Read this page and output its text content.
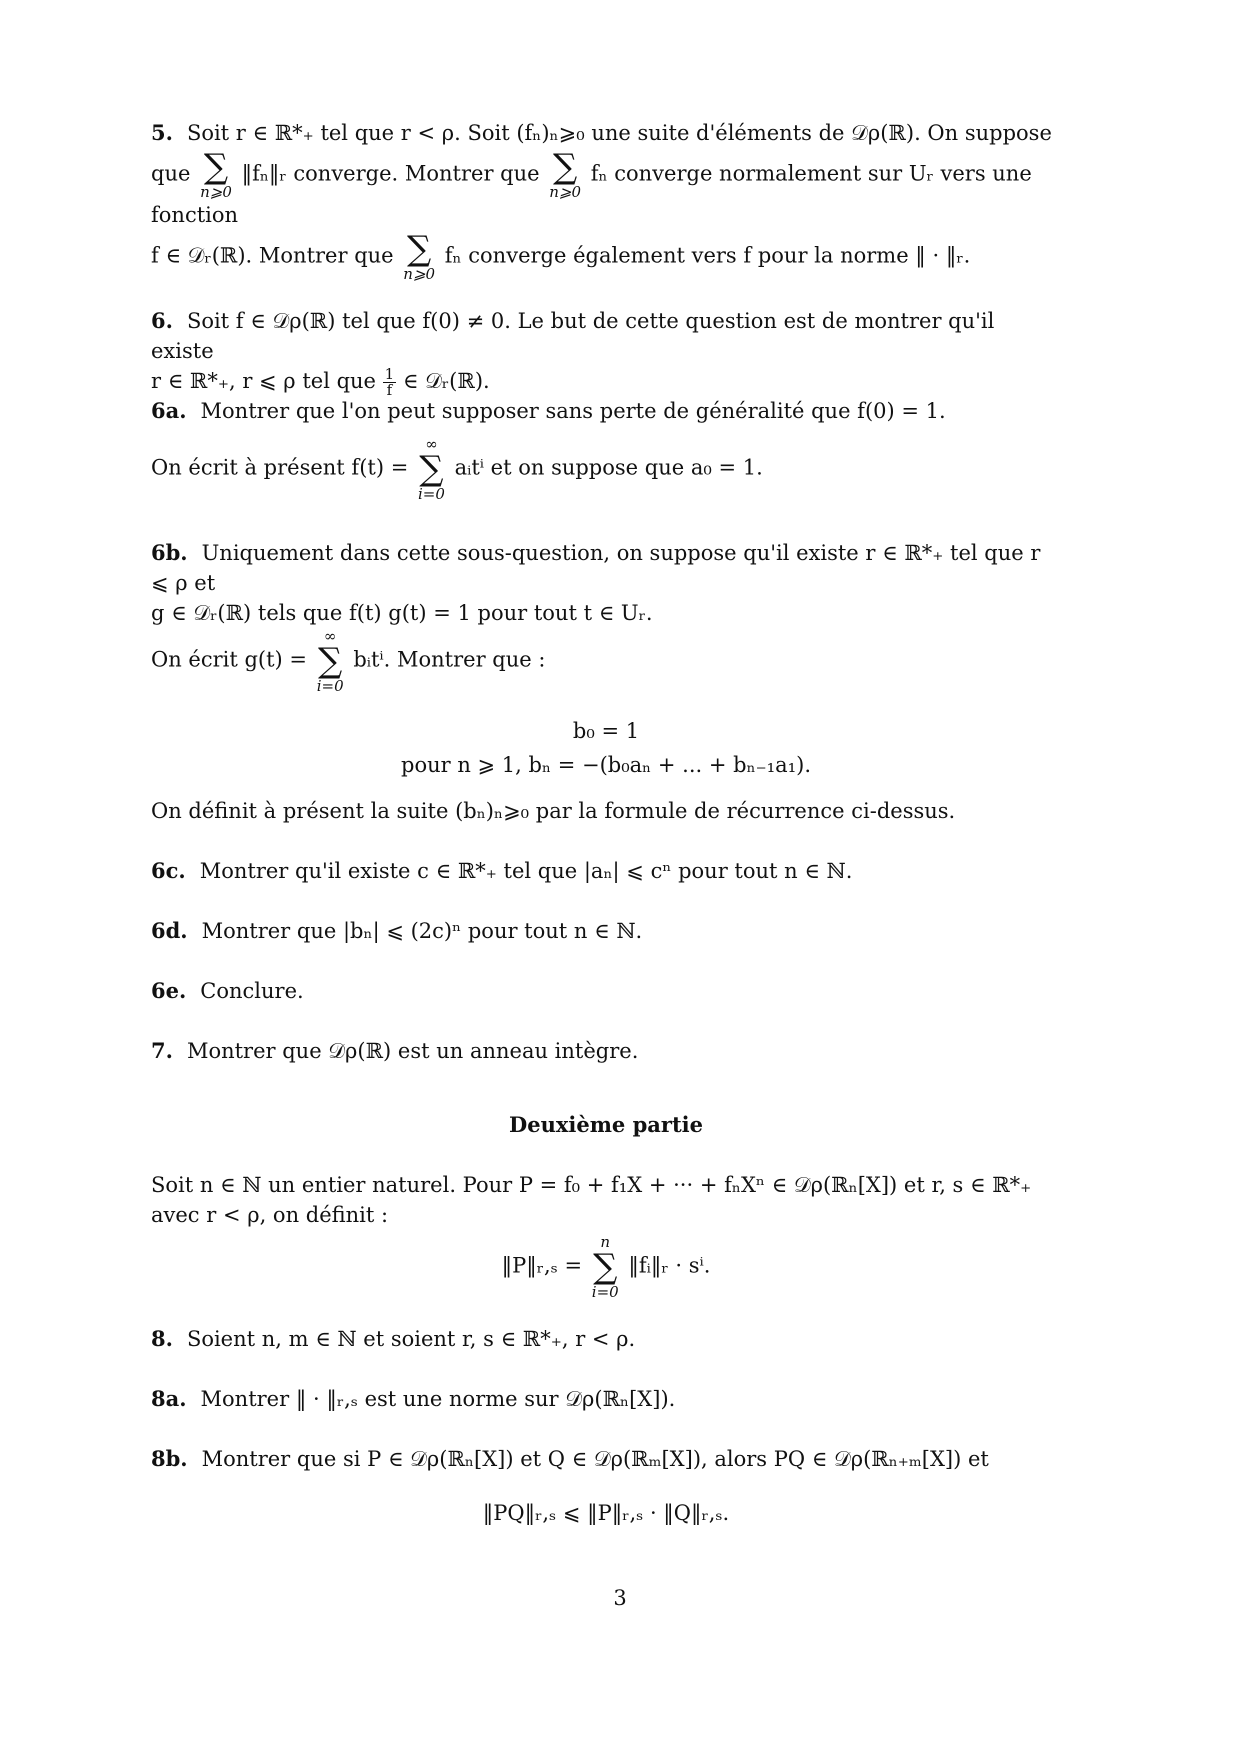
5. Soit r ∈ ℝ*₊ tel que r < ρ. Soit (fₙ)ₙ⩾₀ une suite d'éléments de 𝒟ρ(ℝ). On suppose
que ∑
n⩾0
‖fₙ‖ᵣ converge. Montrer que ∑
n⩾0
fₙ converge normalement sur Uᵣ vers une fonction
f ∈ 𝒟ᵣ(ℝ). Montrer que ∑
n⩾0
fₙ converge également vers f pour la norme ‖ · ‖ᵣ.
6. Soit f ∈ 𝒟ρ(ℝ) tel que f(0) ≠ 0. Le but de cette question est de montrer qu'il existe
r ∈ ℝ*₊, r ⩽ ρ tel que $\frac{1}{f}$ ∈ 𝒟ᵣ(ℝ).
6a. Montrer que l'on peut supposer sans perte de généralité que f(0) = 1.
On écrit à présent f(t) =
∞
∑
i=0
aᵢtⁱ et on suppose que a₀ = 1.
6b. Uniquement dans cette sous-question, on suppose qu'il existe r ∈ ℝ*₊ tel que r ⩽ ρ et
g ∈ 𝒟ᵣ(ℝ) tels que f(t) g(t) = 1 pour tout t ∈ Uᵣ.
On écrit g(t) =
∞
∑
i=0
bᵢtⁱ. Montrer que :
b₀ = 1
pour n ⩾ 1, bₙ = −(b₀aₙ + ... + bₙ₋₁a₁).
On définit à présent la suite (bₙ)ₙ⩾₀ par la formule de récurrence ci-dessus.
6c. Montrer qu'il existe c ∈ ℝ*₊ tel que |aₙ| ⩽ cⁿ pour tout n ∈ ℕ.
6d. Montrer que |bₙ| ⩽ (2c)ⁿ pour tout n ∈ ℕ.
6e. Conclure.
7. Montrer que 𝒟ρ(ℝ) est un anneau intègre.
Deuxième partie
Soit n ∈ ℕ un entier naturel. Pour P = f₀ + f₁X + ··· + fₙXⁿ ∈ 𝒟ρ(ℝₙ[X]) et r, s ∈ ℝ*₊
avec r < ρ, on définit :
‖P‖ᵣ,ₛ =
n
∑
i=0
‖fᵢ‖ᵣ · sⁱ.
8. Soient n, m ∈ ℕ et soient r, s ∈ ℝ*₊, r < ρ.
8a. Montrer ‖ · ‖ᵣ,ₛ est une norme sur 𝒟ρ(ℝₙ[X]).
8b. Montrer que si P ∈ 𝒟ρ(ℝₙ[X]) et Q ∈ 𝒟ρ(ℝₘ[X]), alors PQ ∈ 𝒟ρ(ℝₙ₊ₘ[X]) et
‖PQ‖ᵣ,ₛ ⩽ ‖P‖ᵣ,ₛ · ‖Q‖ᵣ,ₛ.
3
